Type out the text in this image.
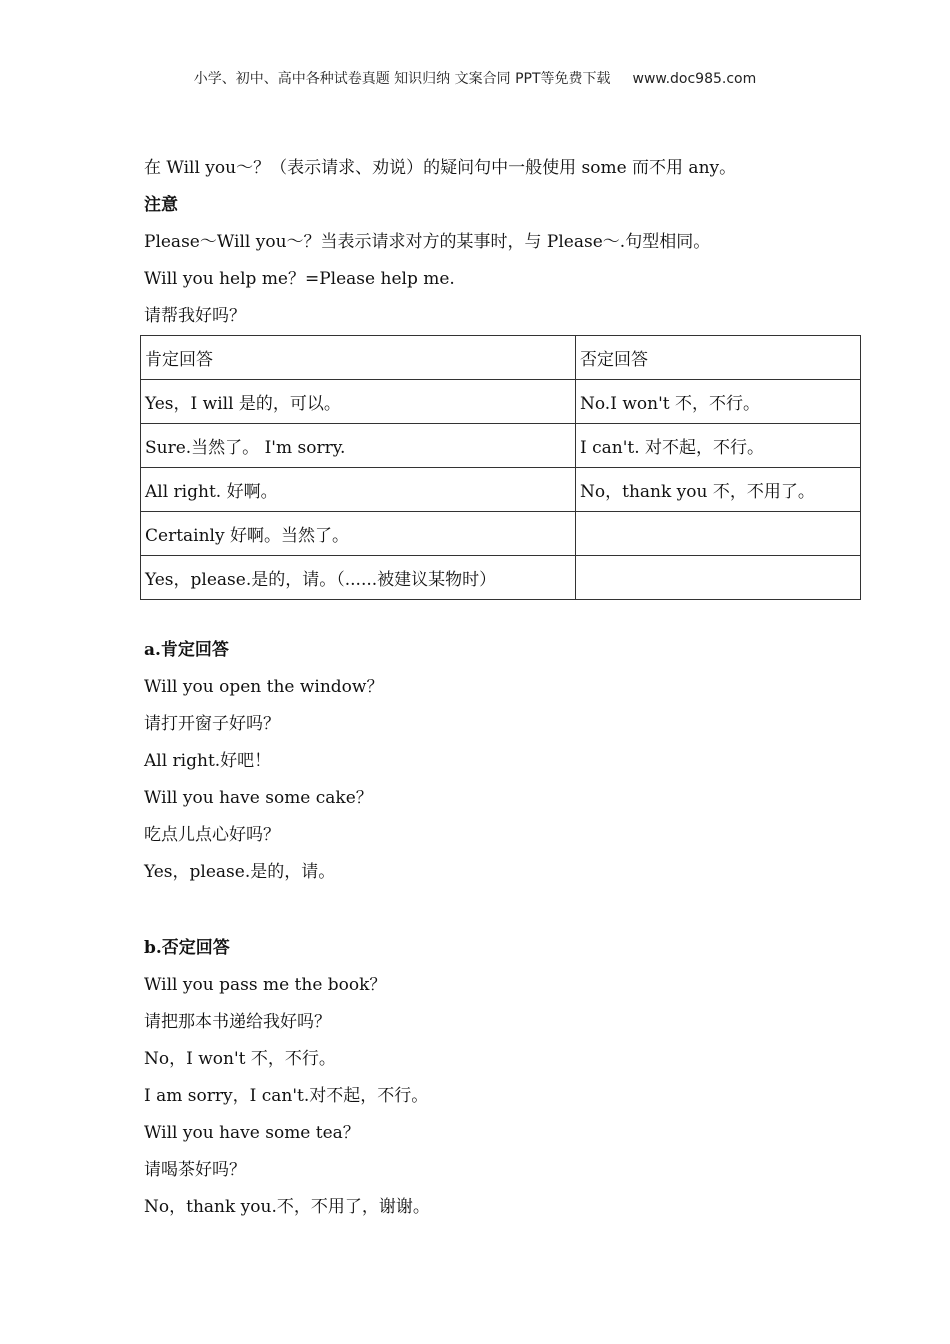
小学、初中、高中各种试卷真题 知识归纳 文案合同 PPT等免费下载 www.doc985.com
在 Will you～？（表示请求、劝说）的疑问句中一般使用 some 而不用 any。
注意
Please～Will you～？当表示请求对方的某事时，与 Please～.句型相同。
Will you help me？=Please help me.
请帮我好吗？
肯定回答	否定回答
Yes，I will 是的，可以。	No.I won't 不，不行。
Sure.当然了。 I'm sorry.	I can't. 对不起，不行。
All right. 好啊。	No，thank you 不，不用了。
Certainly 好啊。当然了。	
Yes，please.是的，请。（......被建议某物时）	
a.肯定回答
Will you open the window？
请打开窗子好吗？
All right.好吧！
Will you have some cake？
吃点儿点心好吗？
Yes，please.是的，请。
b.否定回答
Will you pass me the book？
请把那本书递给我好吗？
No，I won't 不，不行。
I am sorry，I can't.对不起，不行。
Will you have some tea？
请喝茶好吗？
No，thank you.不，不用了，谢谢。
